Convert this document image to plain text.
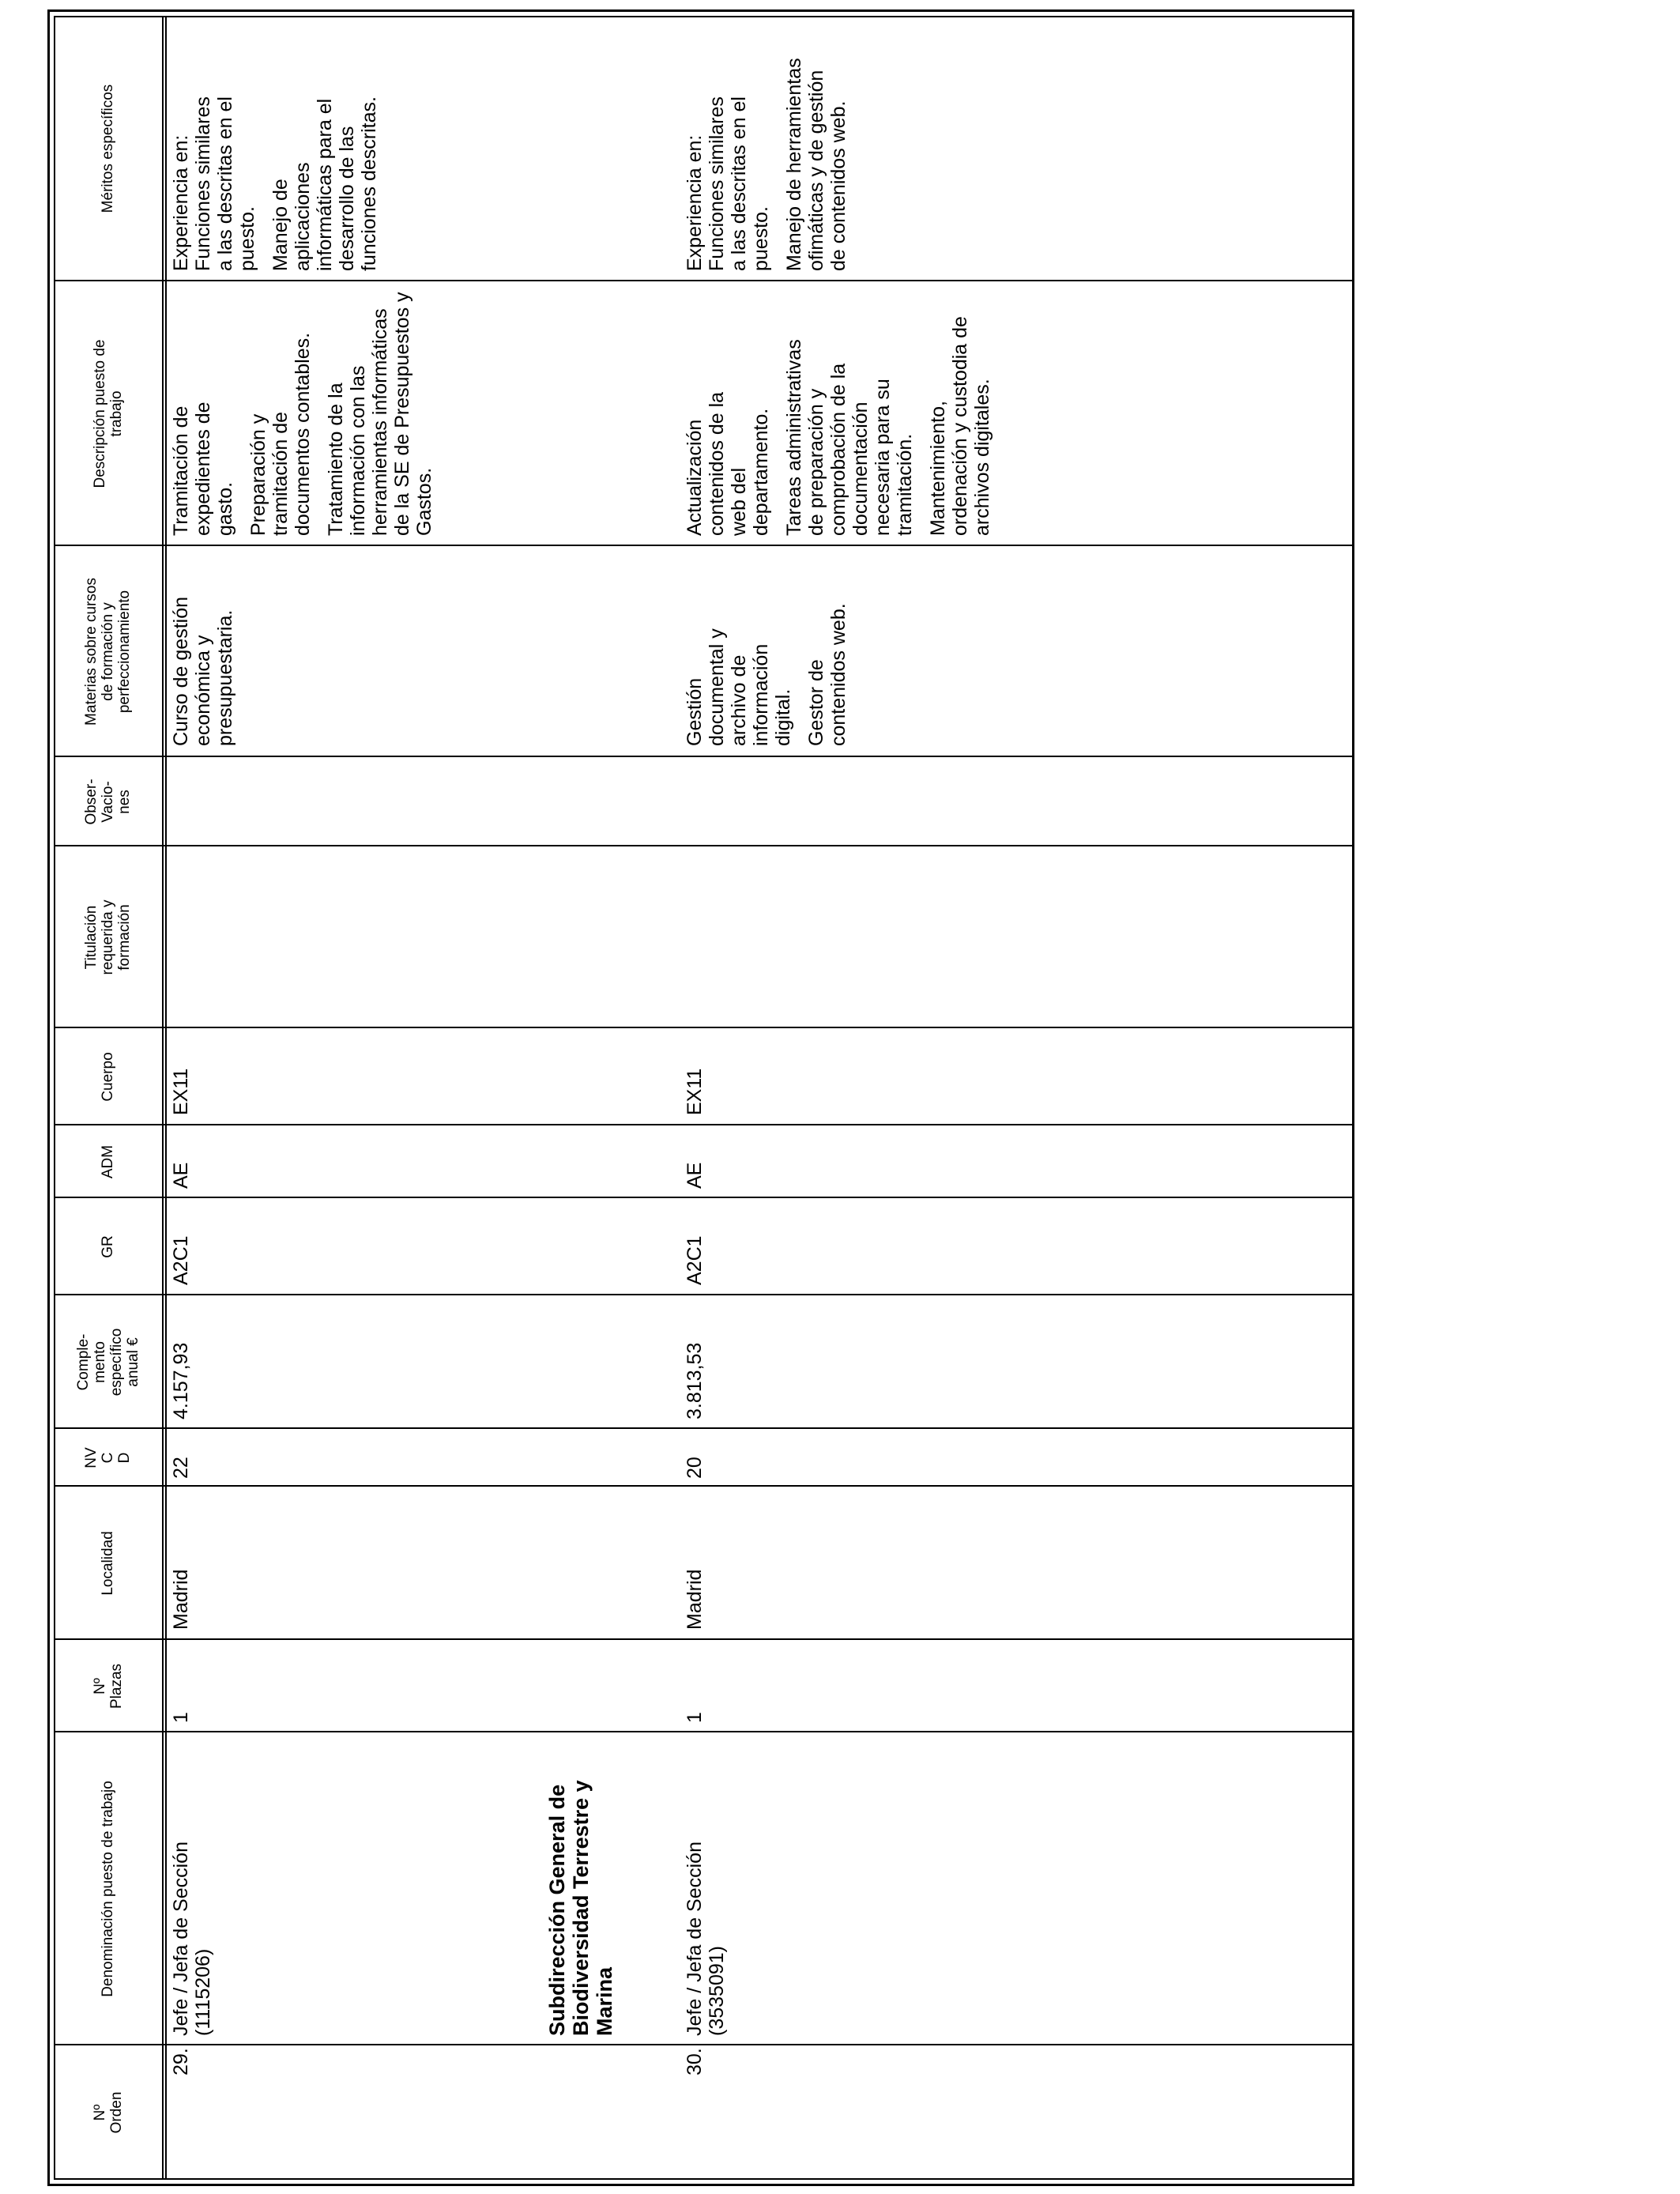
Nº
Orden
Denominación puesto de trabajo
Nº
Plazas
Localidad
NV
C
D
Comple-
mento
específico
anual €
GR
ADM
Cuerpo
Titulación
requerida y
formación
Obser-
Vacio-
nes
Materias sobre cursos
de formación y
perfeccionamiento
Descripción puesto de
trabajo
Méritos específicos
29.
Jefe / Jefa de Sección
(1115206)
1
Madrid
22
4.157,93
A2C1
AE
EX11

Curso de gestión económica y presupuestaria.

Tramitación de expedientes de gasto. Preparación y tramitación de documentos contables. Tratamiento de la información con las herramientas informáticas de la SE de Presupuestos y Gastos.

Experiencia en: Funciones similares a las descritas en el puesto. Manejo de aplicaciones informáticas para el desarrollo de las funciones descritas.

Subdirección General de Biodiversidad Terrestre y Marina
30.
Jefe / Jefa de Sección
(3535091)
1
Madrid
20
3.813,53
A2C1
AE
EX11

Gestión documental y archivo de información digital. Gestor de contenidos web.

Actualización contenidos de la web del departamento. Tareas administrativas de preparación y comprobación de la documentación necesaria para su tramitación. Mantenimiento, ordenación y custodia de archivos digitales.

Experiencia en: Funciones similares a las descritas en el puesto. Manejo de herramientas ofimáticas y de gestión de contenidos web.
